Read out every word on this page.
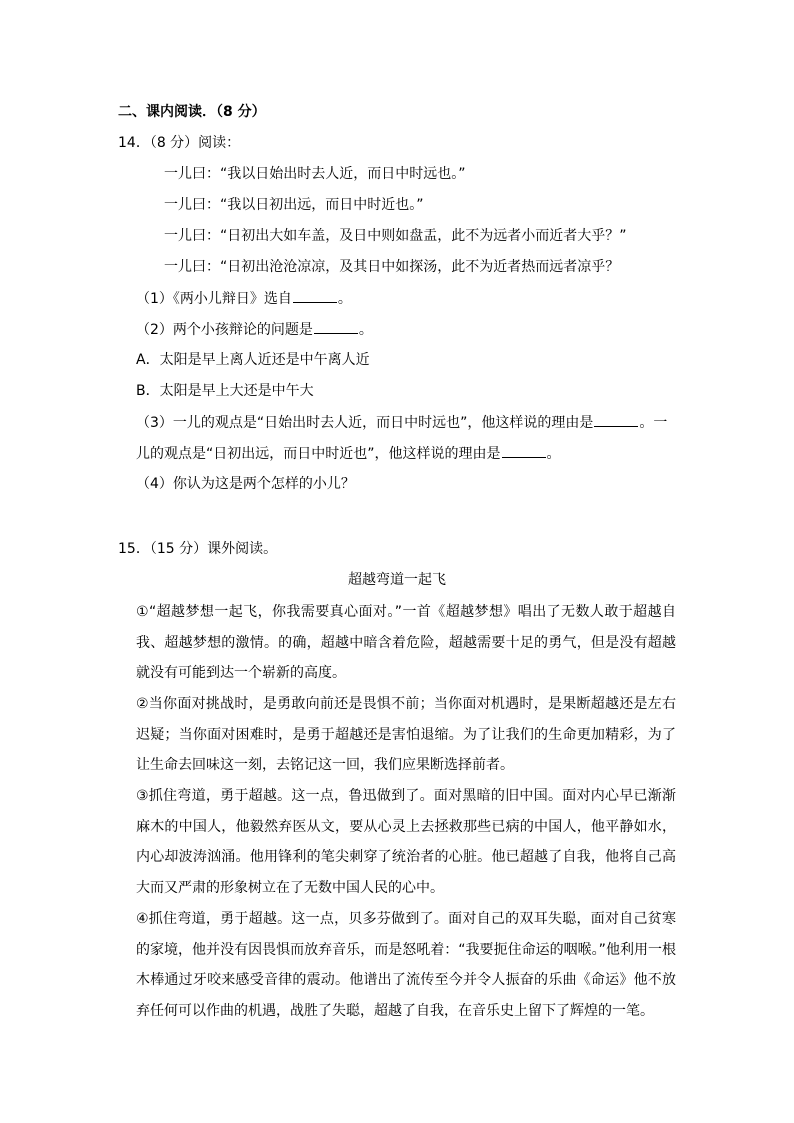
二、课内阅读．（8 分）
14．（8 分）阅读：
一儿曰：“我以日始出时去人近，而日中时远也。”
一儿曰：“我以日初出远，而日中时近也。”
一儿曰：“日初出大如车盖，及日中则如盘盂，此不为远者小而近者大乎？”
一儿曰：“日初出沧沧凉凉，及其日中如探汤，此不为近者热而远者凉乎？
（1）《两小儿辩日》选自	。
（2）两个小孩辩论的问题是	。
A．太阳是早上离人近还是中午离人近
B．太阳是早上大还是中午大
（3）一儿的观点是“日始出时去人近，而日中时远也”，他这样说的理由是	。一
儿的观点是“日初出远，而日中时近也”，他这样说的理由是	。
（4）你认为这是两个怎样的小儿？
15．（15 分）课外阅读。
超越弯道一起飞
①“超越梦想一起飞，你我需要真心面对。”一首《超越梦想》唱出了无数人敢于超越自我、超越梦想的激情。的确，超越中暗含着危险，超越需要十足的勇气，但是没有超越就没有可能到达一个崭新的高度。
②当你面对挑战时，是勇敢向前还是畏惧不前；当你面对机遇时，是果断超越还是左右迟疑；当你面对困难时，是勇于超越还是害怕退缩。为了让我们的生命更加精彩，为了让生命去回味这一刻，去铭记这一回，我们应果断选择前者。
③抓住弯道，勇于超越。这一点，鲁迅做到了。面对黑暗的旧中国。面对内心早已渐渐麻木的中国人，他毅然弃医从文，要从心灵上去拯救那些已病的中国人，他平静如水，内心却波涛汹涌。他用锋利的笔尖刺穿了统治者的心脏。他已超越了自我，他将自己高大而又严肃的形象树立在了无数中国人民的心中。
④抓住弯道，勇于超越。这一点，贝多芬做到了。面对自己的双耳失聪，面对自己贫寒的家境，他并没有因畏惧而放弃音乐，而是怒吼着：“我要扼住命运的咽喉。”他利用一根木棒通过牙咬来感受音律的震动。他谱出了流传至今并令人振奋的乐曲《命运》他不放弃任何可以作曲的机遇，战胜了失聪，超越了自我，在音乐史上留下了辉煌的一笔。
